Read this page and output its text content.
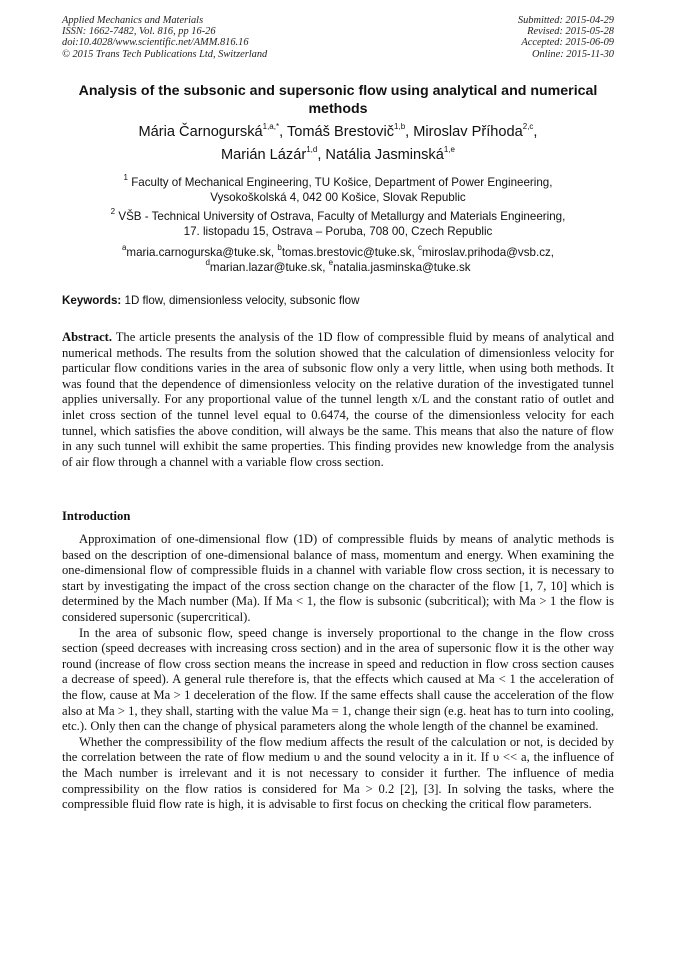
Applied Mechanics and Materials
ISSN: 1662-7482, Vol. 816, pp 16-26
doi:10.4028/www.scientific.net/AMM.816.16
© 2015 Trans Tech Publications Ltd, Switzerland
Submitted: 2015-04-29
Revised: 2015-05-28
Accepted: 2015-06-09
Online: 2015-11-30
Analysis of the subsonic and supersonic flow using analytical and numerical methods
Mária Čarnogurská$^{1,a,*}$, Tomáš Brestovič$^{1,b}$, Miroslav Příhoda$^{2,c}$,
Marián Lázár$^{1,d}$, Natália Jasminská$^{1,e}$
$^1$ Faculty of Mechanical Engineering, TU Košice, Department of Power Engineering,
Vysokoškolská 4, 042 00 Košice, Slovak Republic
$^2$ VŠB - Technical University of Ostrava, Faculty of Metallurgy and Materials Engineering,
17. listopadu 15, Ostrava – Poruba, 708 00, Czech Republic
$^a$maria.carnogurska@tuke.sk, $^b$tomas.brestovic@tuke.sk, $^c$miroslav.prihoda@vsb.cz,
$^d$marian.lazar@tuke.sk, $^e$natalia.jasminska@tuke.sk
Keywords: 1D flow, dimensionless velocity, subsonic flow

Abstract. The article presents the analysis of the 1D flow of compressible fluid by means of analytical and numerical methods. The results from the solution showed that the calculation of dimensionless velocity for particular flow conditions varies in the area of subsonic flow only a very little, when using both methods. It was found that the dependence of dimensionless velocity on the relative duration of the investigated tunnel applies universally. For any proportional value of the tunnel length x/L and the constant ratio of outlet and inlet cross section of the tunnel level equal to 0.6474, the course of the dimensionless velocity for each tunnel, which satisfies the above condition, will always be the same. This means that also the nature of flow in any such tunnel will exhibit the same properties. This finding provides new knowledge from the analysis of air flow through a channel with a variable flow cross section.

Introduction

Approximation of one-dimensional flow (1D) of compressible fluids by means of analytic methods is based on the description of one-dimensional balance of mass, momentum and energy. When examining the one-dimensional flow of compressible fluids in a channel with variable flow cross section, it is necessary to start by investigating the impact of the cross section change on the character of the flow [1, 7, 10] which is determined by the Mach number (Ma). If Ma < 1, the flow is subsonic (subcritical); with Ma > 1 the flow is considered supersonic (supercritical).

In the area of subsonic flow, speed change is inversely proportional to the change in the flow cross section (speed decreases with increasing cross section) and in the area of supersonic flow it is the other way round (increase of flow cross section means the increase in speed and reduction in flow cross section causes a decrease of speed). A general rule therefore is, that the effects which caused at Ma < 1 the acceleration of the flow, cause at Ma > 1 deceleration of the flow. If the same effects shall cause the acceleration of the flow also at Ma > 1, they shall, starting with the value Ma = 1, change their sign (e.g. heat has to turn into cooling, etc.). Only then can the change of physical parameters along the whole length of the channel be examined.

Whether the compressibility of the flow medium affects the result of the calculation or not, is decided by the correlation between the rate of flow medium υ and the sound velocity a in it. If υ << a, the influence of the Mach number is irrelevant and it is not necessary to consider it further. The influence of media compressibility on the flow ratios is considered for Ma > 0.2 [2], [3]. In solving the tasks, where the compressible fluid flow rate is high, it is advisable to first focus on checking the critical flow parameters.
